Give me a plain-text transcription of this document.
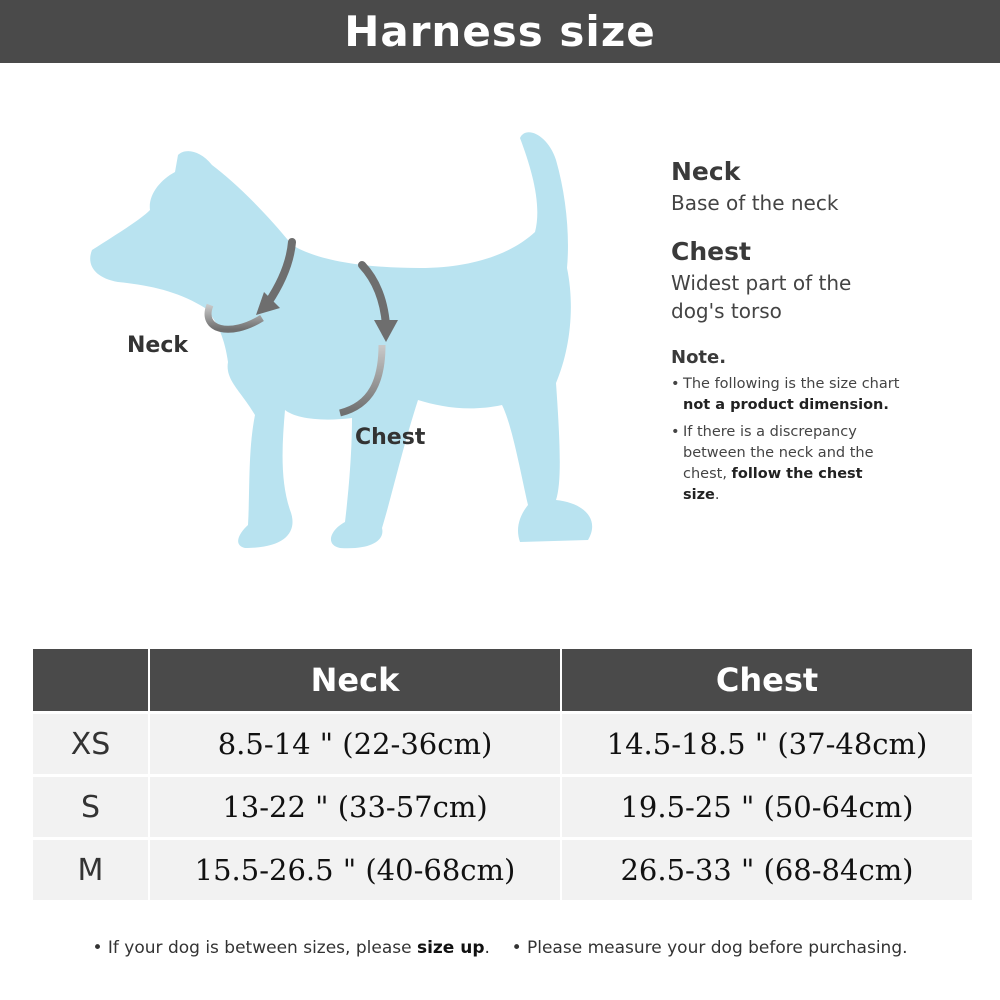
Harness size
Neck
Chest
Neck
Base of the neck
Chest
Widest part of the dog's torso
Note.
• The following is the size chart
not a product dimension.
• If there is a discrepancy between the neck and the chest, follow the chest size.
	Neck	Chest
XS	8.5-14 " (22-36cm)	14.5-18.5 " (37-48cm)
S	13-22 " (33-57cm)	19.5-25 " (50-64cm)
M	15.5-26.5 " (40-68cm)	26.5-33 " (68-84cm)
• If your dog is between sizes, please size up. • Please measure your dog before purchasing.
